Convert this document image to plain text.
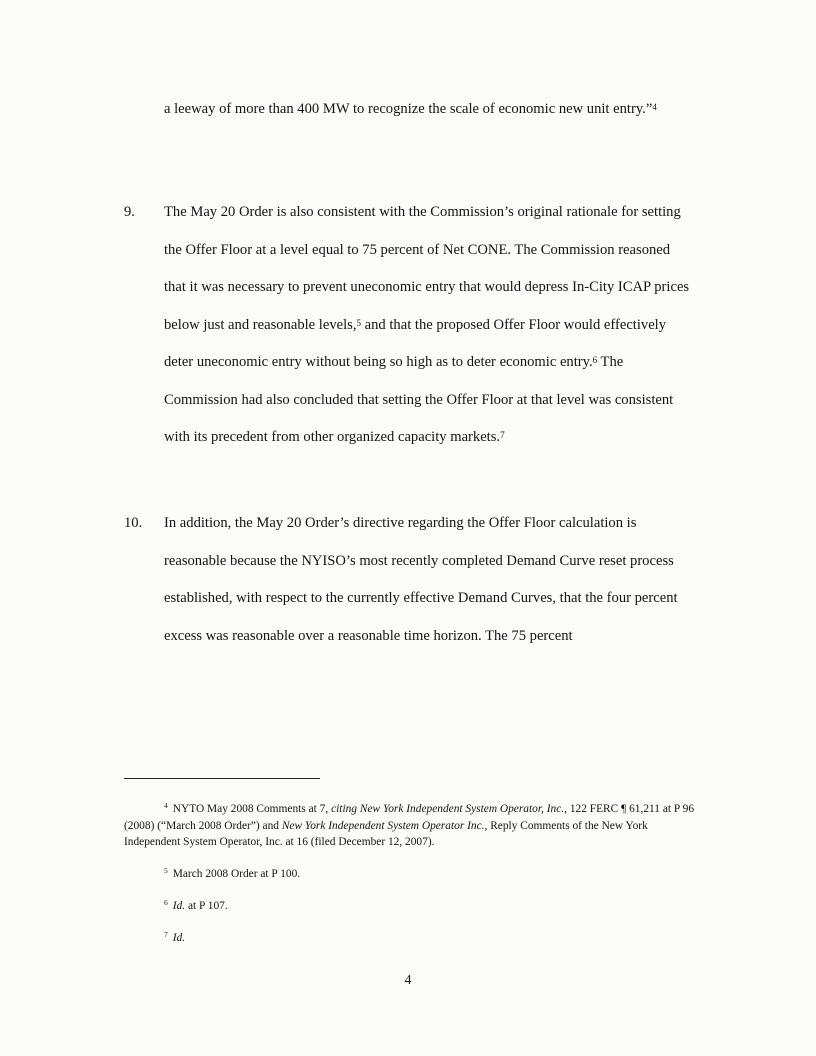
a leeway of more than 400 MW to recognize the scale of economic new unit entry.”$^4$

9. The May 20 Order is also consistent with the Commission’s original rationale for setting the Offer Floor at a level equal to 75 percent of Net CONE. The Commission reasoned that it was necessary to prevent uneconomic entry that would depress In-City ICAP prices below just and reasonable levels,$^5$ and that the proposed Offer Floor would effectively deter uneconomic entry without being so high as to deter economic entry.$^6$ The Commission had also concluded that setting the Offer Floor at that level was consistent with its precedent from other organized capacity markets.$^7$

10. In addition, the May 20 Order’s directive regarding the Offer Floor calculation is reasonable because the NYISO’s most recently completed Demand Curve reset process established, with respect to the currently effective Demand Curves, that the four percent excess was reasonable over a reasonable time horizon. The 75 percent

$^4$ NYTO May 2008 Comments at 7, citing New York Independent System Operator, Inc., 122 FERC ¶ 61,211 at P 96 (2008) (“March 2008 Order”) and New York Independent System Operator Inc., Reply Comments of the New York Independent System Operator, Inc. at 16 (filed December 12, 2007).
$^5$ March 2008 Order at P 100.
$^6$ Id. at P 107.
$^7$ Id.
4
